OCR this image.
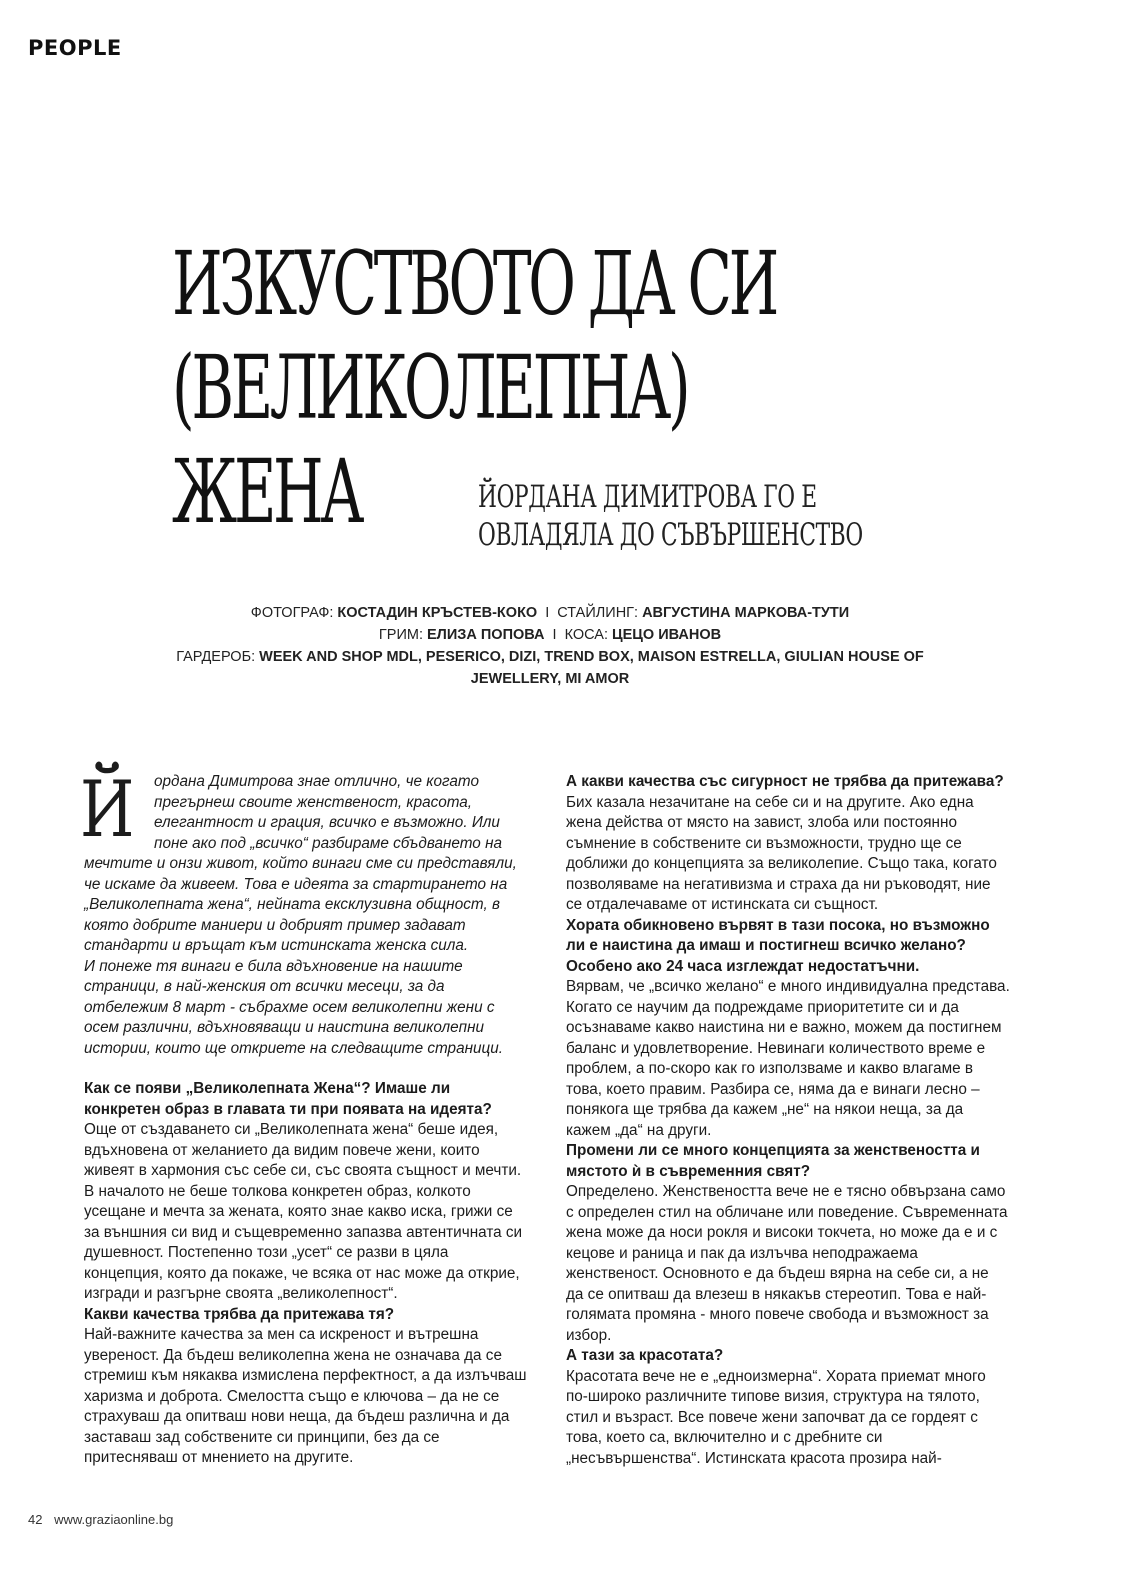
PEOPLE
ИЗКУСТВОТО ДА СИ
(ВЕЛИКОЛЕПНА)
ЖЕНА	ЙОРДАНА ДИМИТРОВА ГО Е
ОВЛАДЯЛА ДО СЪВЪРШЕНСТВО
ФОТОГРАФ: КОСТАДИН КРЪСТЕВ-КОКО I СТАЙЛИНГ: АВГУСТИНА МАРКОВА-ТУТИ
ГРИМ: ЕЛИЗА ПОПОВА I КОСА: ЦЕЦО ИВАНОВ
ГАРДЕРОБ: WEEK AND SHOP MDL, PESERICO, DIZI, TREND BOX, MAISON ESTRELLA, GIULIAN HOUSE OF JEWELLERY, MI AMOR

Й ордана Димитрова знае отлично, че когато прегърнеш своите женственост, красота, елегантност и грация, всичко е възможно. Или поне ако под „всичко“ разбираме сбъдването на мечтите и онзи живот, който винаги сме си представяли, че искаме да живеем. Това е идеята за стартирането на „Великолепната жена“, нейната ексклузивна общност, в която добрите маниери и добрият пример задават стандарти и връщат към истинската женска сила.

И понеже тя винаги е била вдъхновение на нашите страници, в най-женския от всички месеци, за да отбележим 8 март - събрахме осем великолепни жени с осем различни, вдъхновяващи и наистина великолепни истории, които ще откриете на следващите страници.

Как се появи „Великолепната Жена“? Имаше ли конкретен образ в главата ти при появата на идеята?

Още от създаването си „Великолепната жена“ беше идея, вдъхновена от желанието да видим повече жени, които живеят в хармония със себе си, със своята същност и мечти. В началото не беше толкова конкретен образ, колкото усещане и мечта за жената, която знае какво иска, грижи се за външния си вид и същевременно запазва автентичната си душевност. Постепенно този „усет“ се разви в цяла концепция, която да покаже, че всяка от нас може да открие, изгради и разгърне своята „великолепност“.

Какви качества трябва да притежава тя?

Най-важните качества за мен са искреност и вътрешна увереност. Да бъдеш великолепна жена не означава да се стремиш към някаква измислена перфектност, а да излъчваш харизма и доброта. Смелостта също е ключова – да не се страхуваш да опитваш нови неща, да бъдеш различна и да заставаш зад собствените си принципи, без да се притесняваш от мнението на другите.

А какви качества със сигурност не трябва да притежава?

Бих казала незачитане на себе си и на другите. Ако една жена действа от място на завист, злоба или постоянно съмнение в собствените си възможности, трудно ще се доближи до концепцията за великолепие. Също така, когато позволяваме на негативизма и страха да ни ръководят, ние се отдалечаваме от истинската си същност.

Хората обикновено вървят в тази посока, но възможно ли е наистина да имаш и постигнеш всичко желано? Особено ако 24 часа изглеждат недостатъчни.

Вярвам, че „всичко желано“ е много индивидуална представа. Когато се научим да подреждаме приоритетите си и да осъзнаваме какво наистина ни е важно, можем да постигнем баланс и удовлетворение. Невинаги количеството време е проблем, а по-скоро как го използваме и какво влагаме в това, което правим. Разбира се, няма да е винаги лесно – понякога ще трябва да кажем „не“ на някои неща, за да кажем „да“ на други.

Промени ли се много концепцията за женствеността и мястото ѝ в съвременния свят?

Определено. Женствеността вече не е тясно обвързана само с определен стил на обличане или поведение. Съвременната жена може да носи рокля и високи токчета, но може да е и с кецове и раница и пак да излъчва неподражаема женственост. Основното е да бъдеш вярна на себе си, а не да се опитваш да влезеш в някакъв стереотип. Това е най-голямата промяна - много повече свобода и възможност за избор.

А тази за красотата?

Красотата вече не е „едноизмерна“. Хората приемат много по-широко различните типове визия, структура на тялото, стил и възраст. Все повече жени започват да се гордеят с това, което са, включително и с дребните си „несъвършенства“. Истинската красота прозира най-

42 www.graziaonline.bg
